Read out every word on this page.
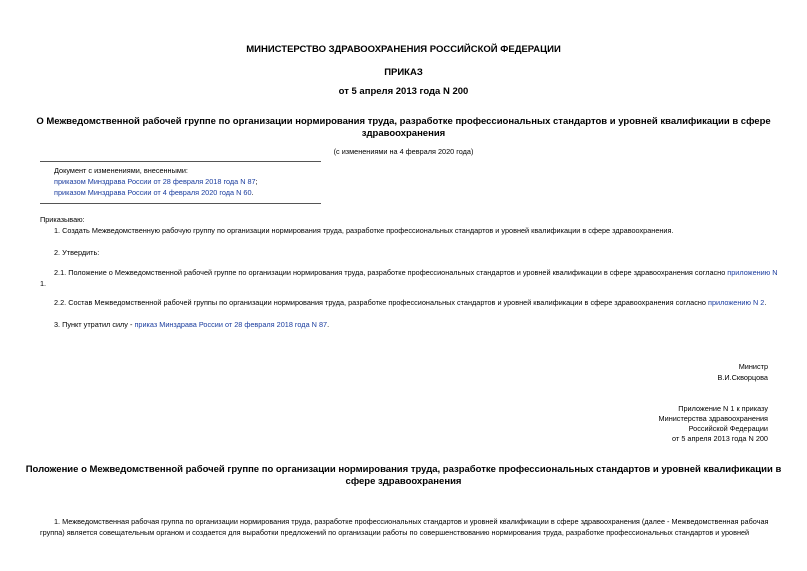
МИНИСТЕРСТВО ЗДРАВООХРАНЕНИЯ РОССИЙСКОЙ ФЕДЕРАЦИИ
ПРИКАЗ
от 5 апреля 2013 года N 200
О Межведомственной рабочей группе по организации нормирования труда, разработке профессиональных стандартов и уровней квалификации в сфере
здравоохранения
(с изменениями на 4 февраля 2020 года)
Документ с изменениями, внесенными:
приказом Минздрава России от 28 февраля 2018 года N 87;
приказом Минздрава России от 4 февраля 2020 года N 60.
Приказываю:
1. Создать Межведомственную рабочую группу по организации нормирования труда, разработке профессиональных стандартов и уровней квалификации в сфере здравоохранения.
2. Утвердить:
2.1. Положение о Межведомственной рабочей группе по организации нормирования труда, разработке профессиональных стандартов и уровней квалификации в сфере здравоохранения согласно приложению N
1.
2.2. Состав Межведомственной рабочей группы по организации нормирования труда, разработке профессиональных стандартов и уровней квалификации в сфере здравоохранения согласно приложению N 2.
3. Пункт утратил силу - приказ Минздрава России от 28 февраля 2018 года N 87.
Министр
В.И.Скворцова
Приложение N 1 к приказу
Министерства здравоохранения
Российской Федерации
от 5 апреля 2013 года N 200
Положение о Межведомственной рабочей группе по организации нормирования труда, разработке профессиональных стандартов и уровней квалификации в
сфере здравоохранения
1. Межведомственная рабочая группа по организации нормирования труда, разработке профессиональных стандартов и уровней квалификации в сфере здравоохранения (далее - Межведомственная рабочая
группа) является совещательным органом и создается для выработки предложений по организации работы по совершенствованию нормирования труда, разработке профессиональных стандартов и уровней
